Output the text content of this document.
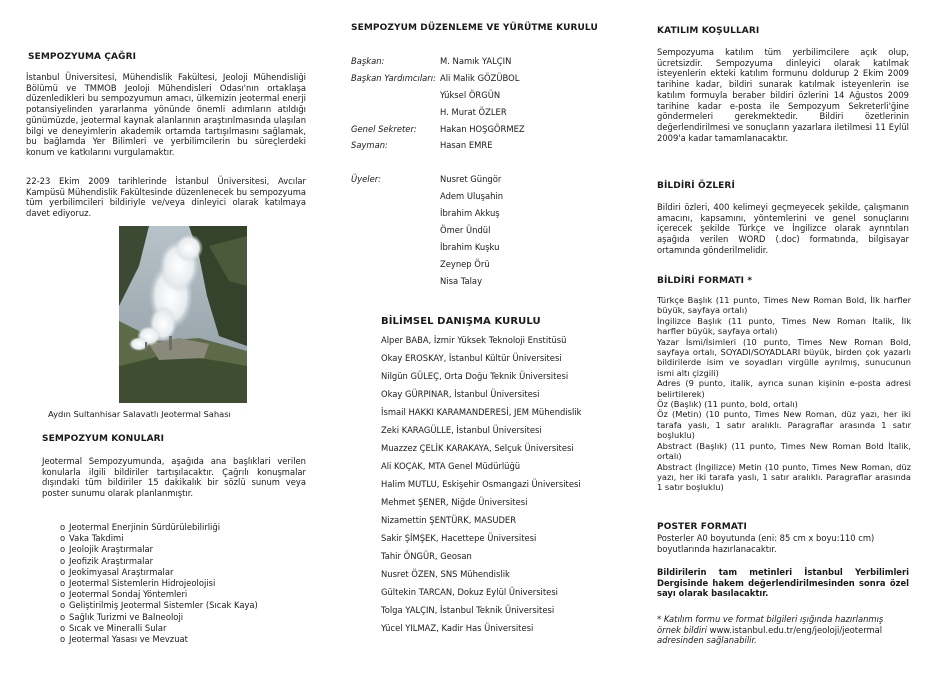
SEMPOZYUMA ÇAĞRI

İstanbul Üniversitesi, Mühendislik Fakültesi, Jeoloji Mühendisliği Bölümü ve TMMOB Jeoloji Mühendisleri Odası'nın ortaklaşa düzenledikleri bu sempozyumun amacı, ülkemizin jeotermal enerji potansiyelinden yararlanma yönünde önemli adımların atıldığı günümüzde, jeotermal kaynak alanlarının araştırılmasında ulaşılan bilgi ve deneyimlerin akademik ortamda tartışılmasını sağlamak, bu bağlamda Yer Bilimleri ve yerbilimcilerin bu süreçlerdeki konum ve katkılarını vurgulamaktır.

22-23 Ekim 2009 tarihlerinde İstanbul Üniversitesi, Avcılar Kampüsü Mühendislik Fakültesinde düzenlenecek bu sempozyuma tüm yerbilimcileri bildiriyle ve/veya dinleyici olarak katılmaya davet ediyoruz.

Aydın Sultanhisar Salavatlı Jeotermal Sahası
SEMPOZYUM KONULARI

Jeotermal Sempozyumunda, aşağıda ana başlıklari verilen konularla ilgili bildiriler tartışılacaktır. Çağrılı konuşmalar dışındaki tüm bildiriler 15 dakikalık bir sözlü sunum veya poster sunumu olarak planlanmıştır.

o Jeotermal Enerjinin Sürdürülebilirliği
o Vaka Takdimi
o Jeolojik Araştırmalar
o Jeofizik Araştırmalar
o Jeokimyasal Araştırmalar
o Jeotermal Sistemlerin Hidrojeolojisi
o Jeotermal Sondaj Yöntemleri
o Geliştirilmiş Jeotermal Sistemler (Sıcak Kaya)
o Sağlık Turizmi ve Balneoloji
o Sıcak ve Mineralli Sular
o Jeotermal Yasası ve Mevzuat
SEMPOZYUM DÜZENLEME VE YÜRÜTME KURULU
Başkan:	M. Namık YALÇIN
Başkan Yardımcıları: Ali Malik GÖZÜBOL
Yüksel ÖRGÜN
H. Murat ÖZLER
Genel Sekreter:	Hakan HOŞGÖRMEZ
Sayman:	Hasan EMRE
Üyeler:	Nusret Güngör
Adem Uluşahin
İbrahim Akkuş
Ömer Ündül
İbrahim Kuşku
Zeynep Örü
Nisa Talay
BİLİMSEL DANIŞMA KURULU
Alper BABA, İzmir Yüksek Teknoloji Enstitüsü
Okay EROSKAY, İstanbul Kültür Üniversitesi
Nilgün GÜLEÇ, Orta Doğu Teknik Üniversitesi
Okay GÜRPINAR, İstanbul Üniversitesi
İsmail HAKKI KARAMANDERESİ, JEM Mühendislik
Zeki KARAGÜLLE, İstanbul Üniversitesi
Muazzez ÇELİK KARAKAYA, Selçuk Üniversitesi
Ali KOÇAK, MTA Genel Müdürlüğü
Halim MUTLU, Eskişehir Osmangazi Üniversitesi
Mehmet ŞENER, Niğde Üniversitesi
Nizamettin ŞENTÜRK, MASUDER
Sakir ŞİMŞEK, Hacettepe Üniversitesi
Tahir ÖNGÜR, Geosan
Nusret ÖZEN, SNS Mühendislik
Gültekin TARCAN, Dokuz Eylül Üniversitesi
Tolga YALÇIN, İstanbul Teknik Üniversitesi
Yücel YILMAZ, Kadir Has Üniversitesi
KATILIM KOŞULLARI

Sempozyuma katılım tüm yerbilimcilere açık olup, ücretsizdir. Sempozyuma dinleyici olarak katılmak isteyenlerin ekteki katılım formunu doldurup 2 Ekim 2009 tarihine kadar, bildiri sunarak katılmak isteyenlerin ise katılım formuyla beraber bildiri özlerini 14 Ağustos 2009 tarihine kadar e-posta ile Sempozyum Sekreterli'ğine göndermeleri gerekmektedir. Bildiri özetlerinin değerlendirilmesi ve sonuçların yazarlara iletilmesi 11 Eylül 2009'a kadar tamamlanacaktır.

BİLDİRİ ÖZLERİ

Bildiri özleri, 400 kelimeyi geçmeyecek şekilde, çalışmanın amacını, kapsamını, yöntemlerini ve genel sonuçlarını içerecek şekilde Türkçe ve İngilizce olarak ayrıntıları aşağıda verilen WORD (.doc) formatında, bilgisayar ortamında gönderilmelidir.

BİLDİRİ FORMATI *
Türkçe Başlık (11 punto, Times New Roman Bold, İlk harfler büyük, sayfaya ortalı)
İngilizce Başlık (11 punto, Times New Roman İtalik, İlk harfler büyük, sayfaya ortalı)
Yazar İsmi/İsimleri (10 punto, Times New Roman Bold, sayfaya ortalı, SOYADI/SOYADLARI büyük, birden çok yazarlı bildirilerde isim ve soyadları virgülle ayrılmış, sunucunun ismi altı çizgili)
Adres (9 punto, italik, ayrıca sunan kişinin e-posta adresi belirtilerek)
Öz (Başlık) (11 punto, bold, ortalı)
Öz (Metin) (10 punto, Times New Roman, düz yazı, her iki tarafa yaslı, 1 satır aralıklı. Paragraflar arasında 1 satır boşluklu)
Abstract (Başlık) (11 punto, Times New Roman Bold İtalik, ortalı)
Abstract (İngilizce) Metin (10 punto, Times New Roman, düz yazı, her iki tarafa yaslı, 1 satır aralıklı. Paragraflar arasında 1 satır boşluklu)
POSTER FORMATI

Posterler A0 boyutunda (eni: 85 cm x boyu:110 cm) boyutlarında hazırlanacaktır.

Bildirilerin tam metinleri İstanbul Yerbilimleri Dergisinde hakem değerlendirilmesinden sonra özel sayı olarak basılacaktır.

* Katılım formu ve format bilgileri ışığında hazırlanmış örnek bildiri www.istanbul.edu.tr/eng/jeoloji/jeotermal
adresinden sağlanabilir.
